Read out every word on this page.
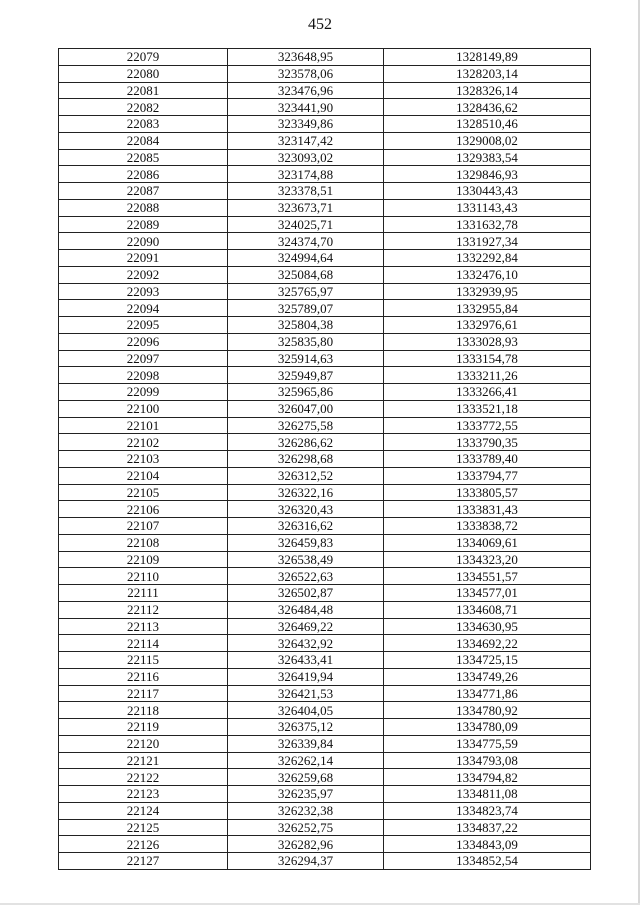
452
22079	323648,95	1328149,89
22080	323578,06	1328203,14
22081	323476,96	1328326,14
22082	323441,90	1328436,62
22083	323349,86	1328510,46
22084	323147,42	1329008,02
22085	323093,02	1329383,54
22086	323174,88	1329846,93
22087	323378,51	1330443,43
22088	323673,71	1331143,43
22089	324025,71	1331632,78
22090	324374,70	1331927,34
22091	324994,64	1332292,84
22092	325084,68	1332476,10
22093	325765,97	1332939,95
22094	325789,07	1332955,84
22095	325804,38	1332976,61
22096	325835,80	1333028,93
22097	325914,63	1333154,78
22098	325949,87	1333211,26
22099	325965,86	1333266,41
22100	326047,00	1333521,18
22101	326275,58	1333772,55
22102	326286,62	1333790,35
22103	326298,68	1333789,40
22104	326312,52	1333794,77
22105	326322,16	1333805,57
22106	326320,43	1333831,43
22107	326316,62	1333838,72
22108	326459,83	1334069,61
22109	326538,49	1334323,20
22110	326522,63	1334551,57
22111	326502,87	1334577,01
22112	326484,48	1334608,71
22113	326469,22	1334630,95
22114	326432,92	1334692,22
22115	326433,41	1334725,15
22116	326419,94	1334749,26
22117	326421,53	1334771,86
22118	326404,05	1334780,92
22119	326375,12	1334780,09
22120	326339,84	1334775,59
22121	326262,14	1334793,08
22122	326259,68	1334794,82
22123	326235,97	1334811,08
22124	326232,38	1334823,74
22125	326252,75	1334837,22
22126	326282,96	1334843,09
22127	326294,37	1334852,54
